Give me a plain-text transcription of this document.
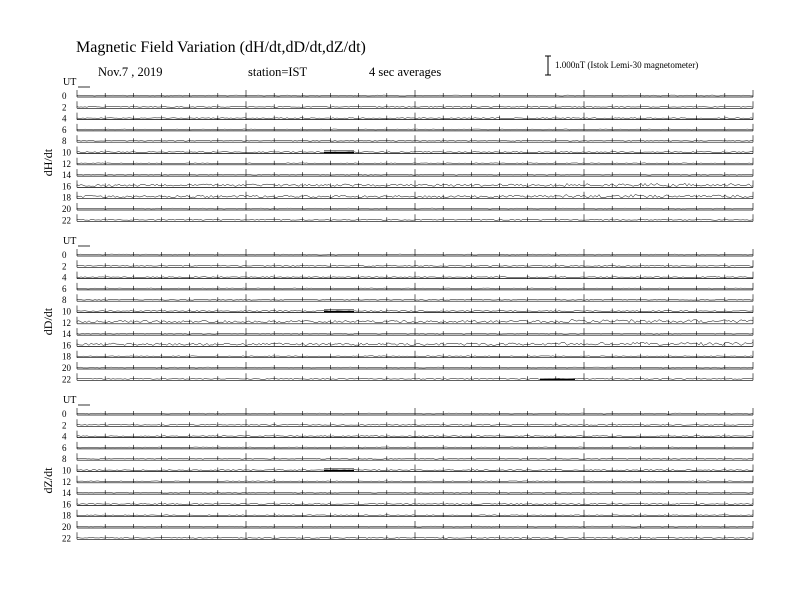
Magnetic Field Variation (dH/dt,dD/dt,dZ/dt)
Nov.7 , 2019	station=IST	4 sec averages	1.000nT (Istok Lemi-30 magnetometer)
UT
dH/dt
0
2
4
6
8
10
12
14
16
18
20
22
UT
dD/dt
0
2
4
6
8
10
12
14
16
18
20
22
UT
dZ/dt
0
2
4
6
8
10
12
14
16
18
20
22
